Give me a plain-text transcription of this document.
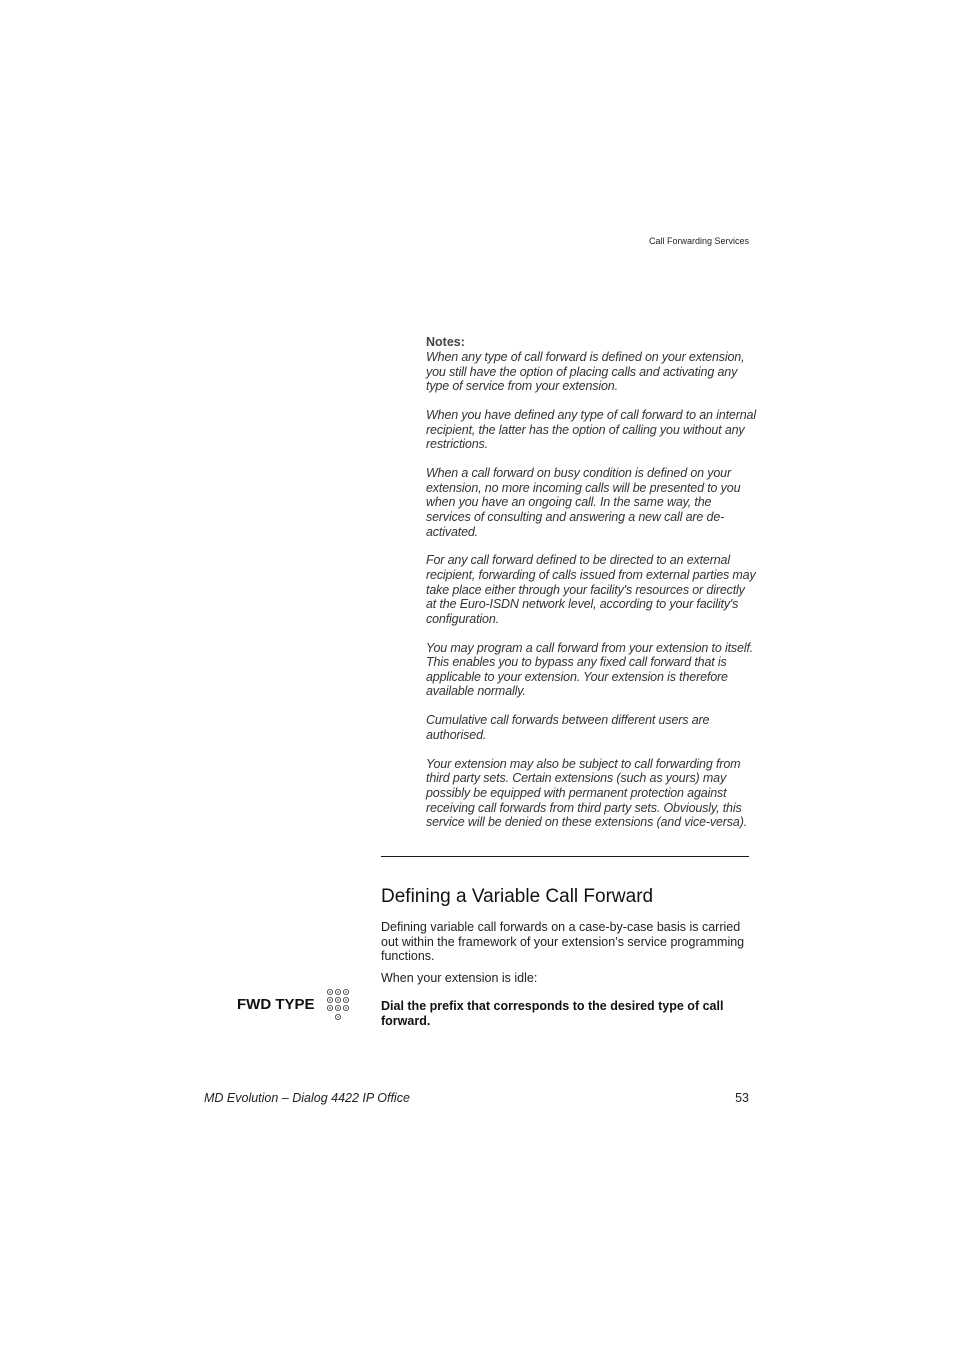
Call Forwarding Services
Notes:

When any type of call forward is defined on your extension, you still have the option of placing calls and activating any type of service from your extension.

When you have defined any type of call forward to an internal recipient, the latter has the option of calling you without any restrictions.

When a call forward on busy condition is defined on your extension, no more incoming calls will be presented to you when you have an ongoing call. In the same way, the services of consulting and answering a new call are de-activated.

For any call forward defined to be directed to an external recipient, forwarding of calls issued from external parties may take place either through your facility's resources or directly at the Euro-ISDN network level, according to your facility's configuration.

You may program a call forward from your extension to itself. This enables you to bypass any fixed call forward that is applicable to your extension. Your extension is therefore available normally.

Cumulative call forwards between different users are authorised.

Your extension may also be subject to call forwarding from third party sets. Certain extensions (such as yours) may possibly be equipped with permanent protection against receiving call forwards from third party sets. Obviously, this service will be denied on these extensions (and vice-versa).

Defining a Variable Call Forward

Defining variable call forwards on a case-by-case basis is carried out within the framework of your extension’s service programming functions.

When your extension is idle:

FWD TYPE	Dial the prefix that corresponds to the desired type of call forward.

MD Evolution – Dialog 4422 IP Office	53
